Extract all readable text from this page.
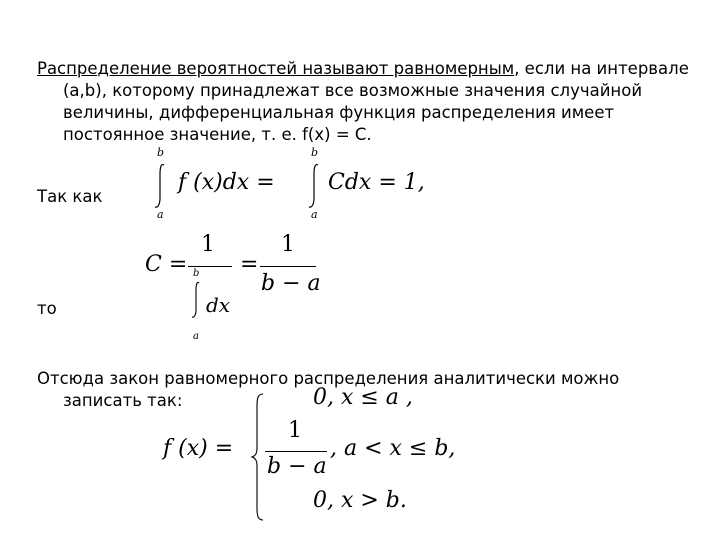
Распределение вероятностей называют равномерным, если на интервале (a,b), которому принадлежат все возможные значения случайной величины, дифференциальная функция распределения имеет постоянное значение, т. е. f(x) = C.
Так как
b
a
f (x)dx =
b
a
Cdx = 1,
C =
1
b
a
dx
=
1
b − a
то
Отсюда закон равномерного распределения аналитически можно записать так:
f (x) =
0, x ≤ a ,
1
b − a
, a < x ≤ b,
0, x > b.
